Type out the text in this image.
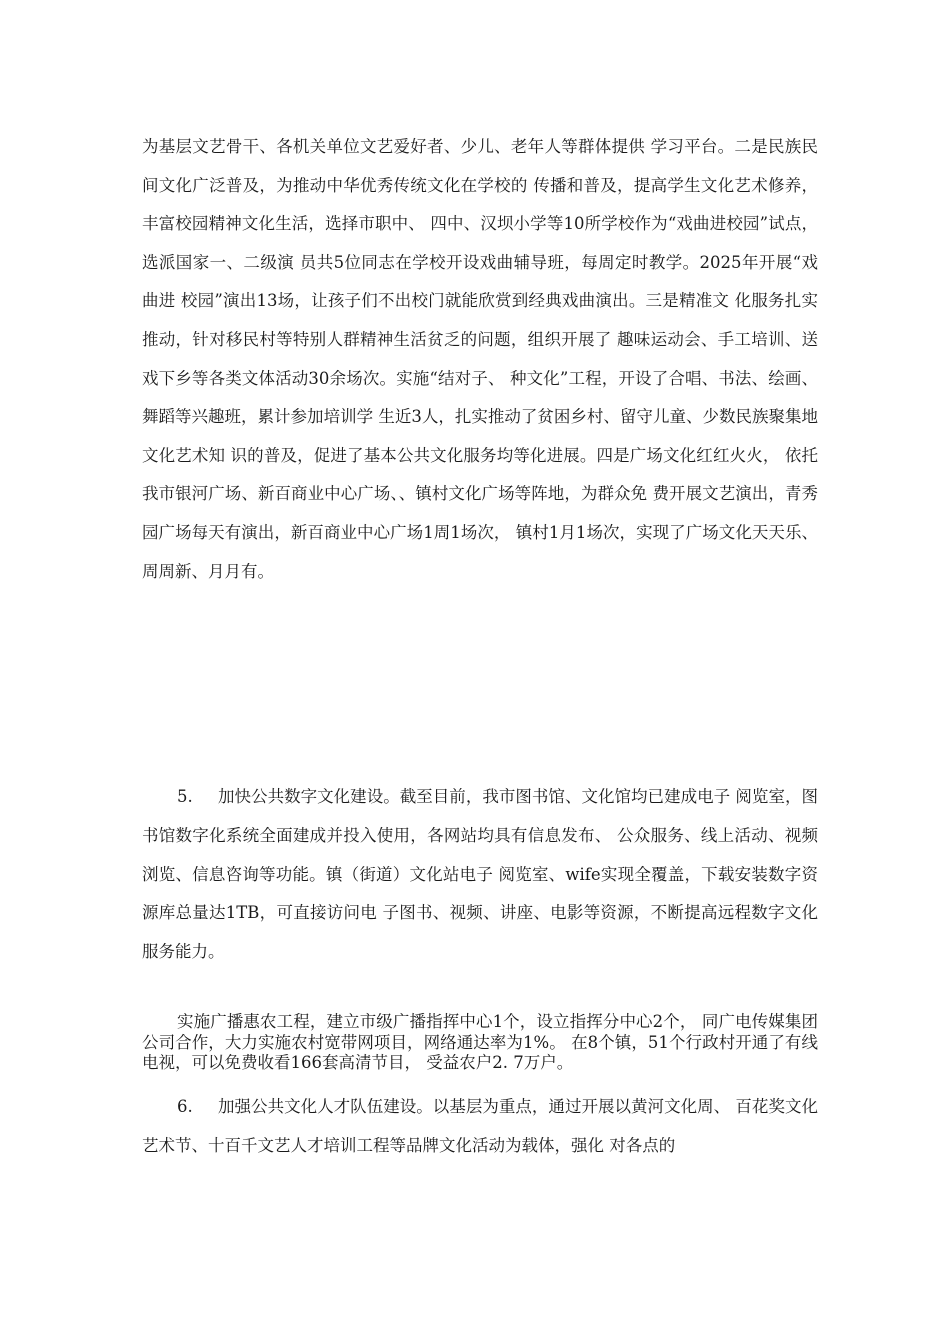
为基层文艺骨干、各机关单位文艺爱好者、少儿、老年人等群体提供 学习平台。二是民族民间文化广泛普及，为推动中华优秀传统文化在学校的 传播和普及，提高学生文化艺术修养，丰富校园精神文化生活，选择市职中、 四中、汉坝小学等10所学校作为“戏曲进校园”试点，选派国家一、二级演 员共5位同志在学校开设戏曲辅导班，每周定时教学。2025年开展“戏曲进 校园”演出13场，让孩子们不出校门就能欣赏到经典戏曲演出。三是精准文 化服务扎实推动，针对移民村等特别人群精神生活贫乏的问题，组织开展了 趣味运动会、手工培训、送戏下乡等各类文体活动30余场次。实施“结对子、 种文化”工程，开设了合唱、书法、绘画、舞蹈等兴趣班，累计参加培训学 生近3人，扎实推动了贫困乡村、留守儿童、少数民族聚集地文化艺术知 识的普及，促进了基本公共文化服务均等化进展。四是广场文化红红火火， 依托我市银河广场、新百商业中心广场、、镇村文化广场等阵地，为群众免 费开展文艺演出，青秀园广场每天有演出，新百商业中心广场1周1场次， 镇村1月1场次，实现了广场文化天天乐、周周新、月月有。

5. 加快公共数字文化建设。截至目前，我市图书馆、文化馆均已建成电子 阅览室，图书馆数字化系统全面建成并投入使用，各网站均具有信息发布、 公众服务、线上活动、视频浏览、信息咨询等功能。镇（街道）文化站电子 阅览室、wife实现全覆盖，下载安装数字资源库总量达1TB，可直接访问电 子图书、视频、讲座、电影等资源，不断提高远程数字文化服务能力。

实施广播惠农工程，建立市级广播指挥中心1个，设立指挥分中心2个， 同广电传媒集团公司合作，大力实施农村宽带网项目，网络通达率为1%。 在8个镇，51个行政村开通了有线电视，可以免费收看166套高清节目， 受益农户2. 7万户。

6. 加强公共文化人才队伍建设。以基层为重点，通过开展以黄河文化周、 百花奖文化艺术节、十百千文艺人才培训工程等品牌文化活动为载体，强化 对各点的
